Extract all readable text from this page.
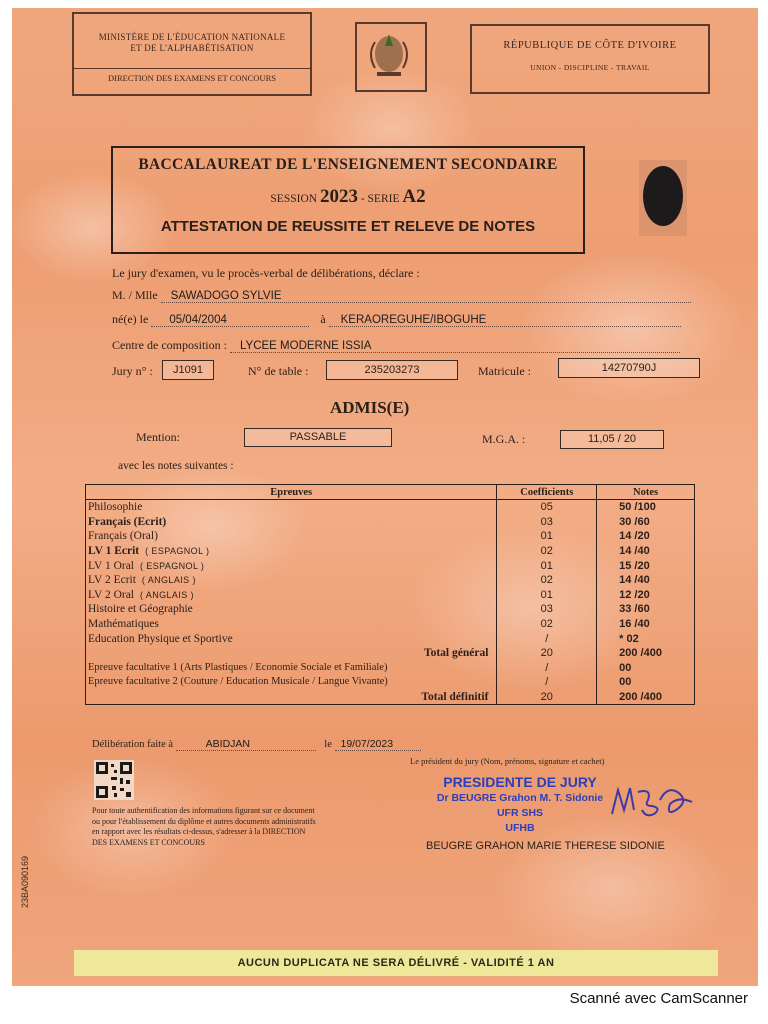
MINISTÈRE DE L'ÉDUCATION NATIONALE
ET DE L'ALPHABÉTISATION
DIRECTION DES EXAMENS ET CONCOURS
RÉPUBLIQUE DE CÔTE D'IVOIRE
UNION - DISCIPLINE - TRAVAIL
BACCALAUREAT DE L'ENSEIGNEMENT SECONDAIRE
SESSION 2023 - SERIE A2
ATTESTATION DE REUSSITE ET RELEVE DE NOTES
Le jury d'examen, vu le procès-verbal de délibérations, déclare :
M. / Mlle SAWADOGO SYLVIE
né(e) le 05/04/2004	à KERAOREGUHE/IBOGUHE
Centre de composition : LYCEE MODERNE ISSIA
Jury n° :	J1091	N° de table :	235203273	Matricule :	14270790J
ADMIS(E)
Mention:	PASSABLE	M.G.A. :	11,05 / 20
avec les notes suivantes :
Epreuves	Coefficients	Notes
Philosophie	05	50 /100
Français (Ecrit)	03	30 /60
Français (Oral)	01	14 /20
LV 1 Ecrit ( ESPAGNOL )	02	14 /40
LV 1 Oral ( ESPAGNOL )	01	15 /20
LV 2 Ecrit ( ANGLAIS )	02	14 /40
LV 2 Oral ( ANGLAIS )	01	12 /20
Histoire et Géographie	03	33 /60
Mathématiques	02	16 /40
Education Physique et Sportive	/	* 02
Total général	20	200 /400
Epreuve facultative 1 (Arts Plastiques / Economie Sociale et Familiale)	/	00
Epreuve facultative 2 (Couture / Education Musicale / Langue Vivante)	/	00
Total définitif	20	200 /400
Délibération faite à	ABIDJAN	le 19/07/2023
Pour toute authentification des informations figurant sur ce document ou pour l'établissement du diplôme et autres documents administratifs en rapport avec les résultats ci-dessus, s'adresser à la DIRECTION DES EXAMENS ET CONCOURS
Le président du jury (Nom, prénoms, signature et cachet)
PRESIDENTE DE JURY
Dr BEUGRE Grahon M. T. Sidonie
UFR SHS
UFHB
BEUGRE GRAHON MARIE THERESE SIDONIE
23BA090169
AUCUN DUPLICATA NE SERA DÉLIVRÉ - VALIDITÉ 1 AN
Scanné avec CamScanner
